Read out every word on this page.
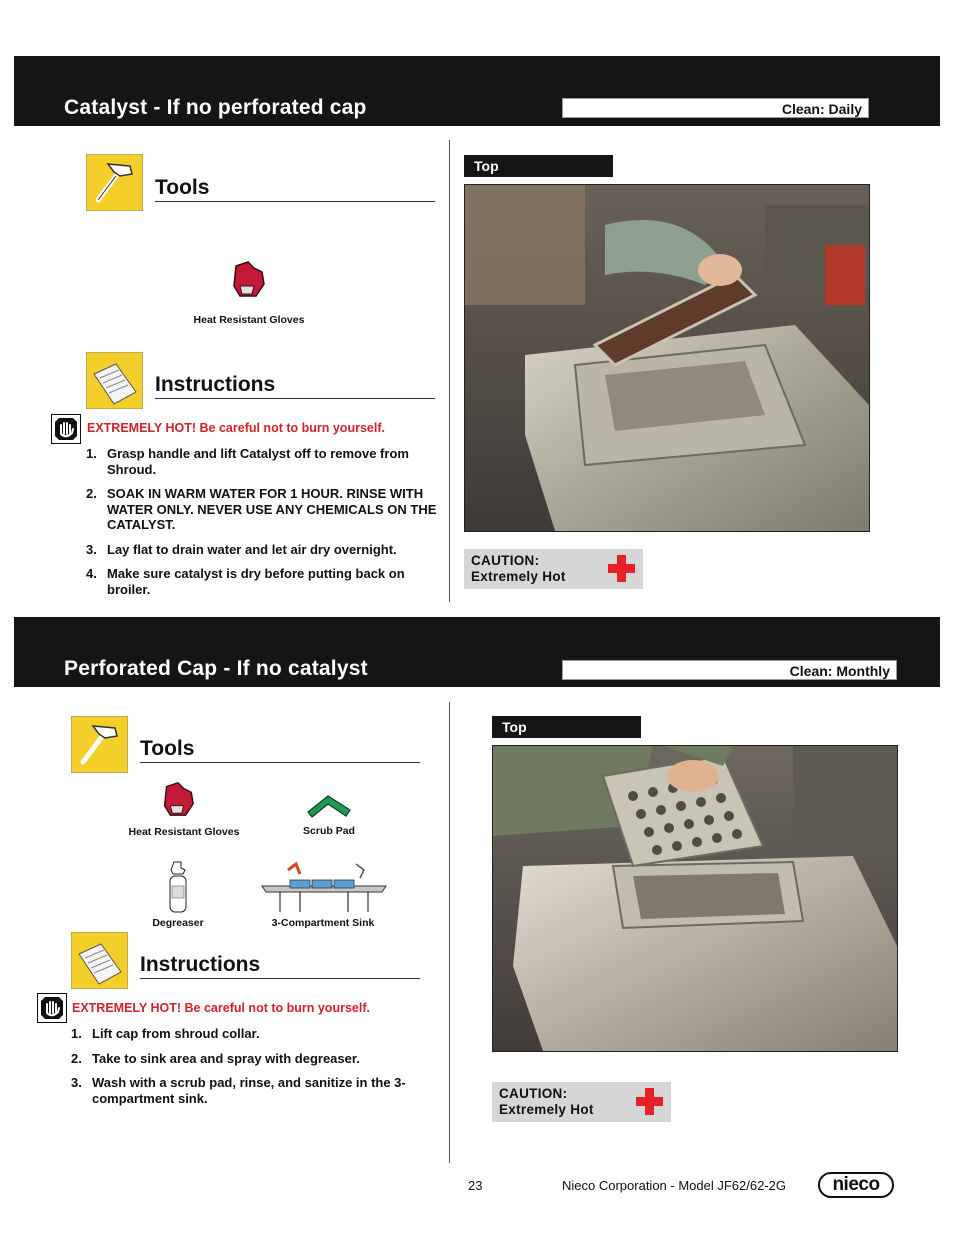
Catalyst - If no perforated cap	Clean: Daily
Tools
Heat Resistant Gloves
Instructions
EXTREMELY HOT! Be careful not to burn yourself.
1. Grasp handle and lift Catalyst off to remove from Shroud.
2. SOAK IN WARM WATER FOR 1 HOUR. RINSE WITH WATER ONLY. NEVER USE ANY CHEMICALS ON THE CATALYST.
3. Lay flat to drain water and let air dry overnight.
4. Make sure catalyst is dry before putting back on broiler.
Top
CAUTION:
Extremely Hot
Perforated Cap - If no catalyst	Clean: Monthly
Tools
Heat Resistant Gloves	Scrub Pad
Degreaser	3-Compartment Sink
Instructions
EXTREMELY HOT! Be careful not to burn yourself.
1. Lift cap from shroud collar.
2. Take to sink area and spray with degreaser.
3. Wash with a scrub pad, rinse, and sanitize in the 3-compartment sink.
Top
CAUTION:
Extremely Hot
23	Nieco Corporation - Model JF62/62-2G	nieco
